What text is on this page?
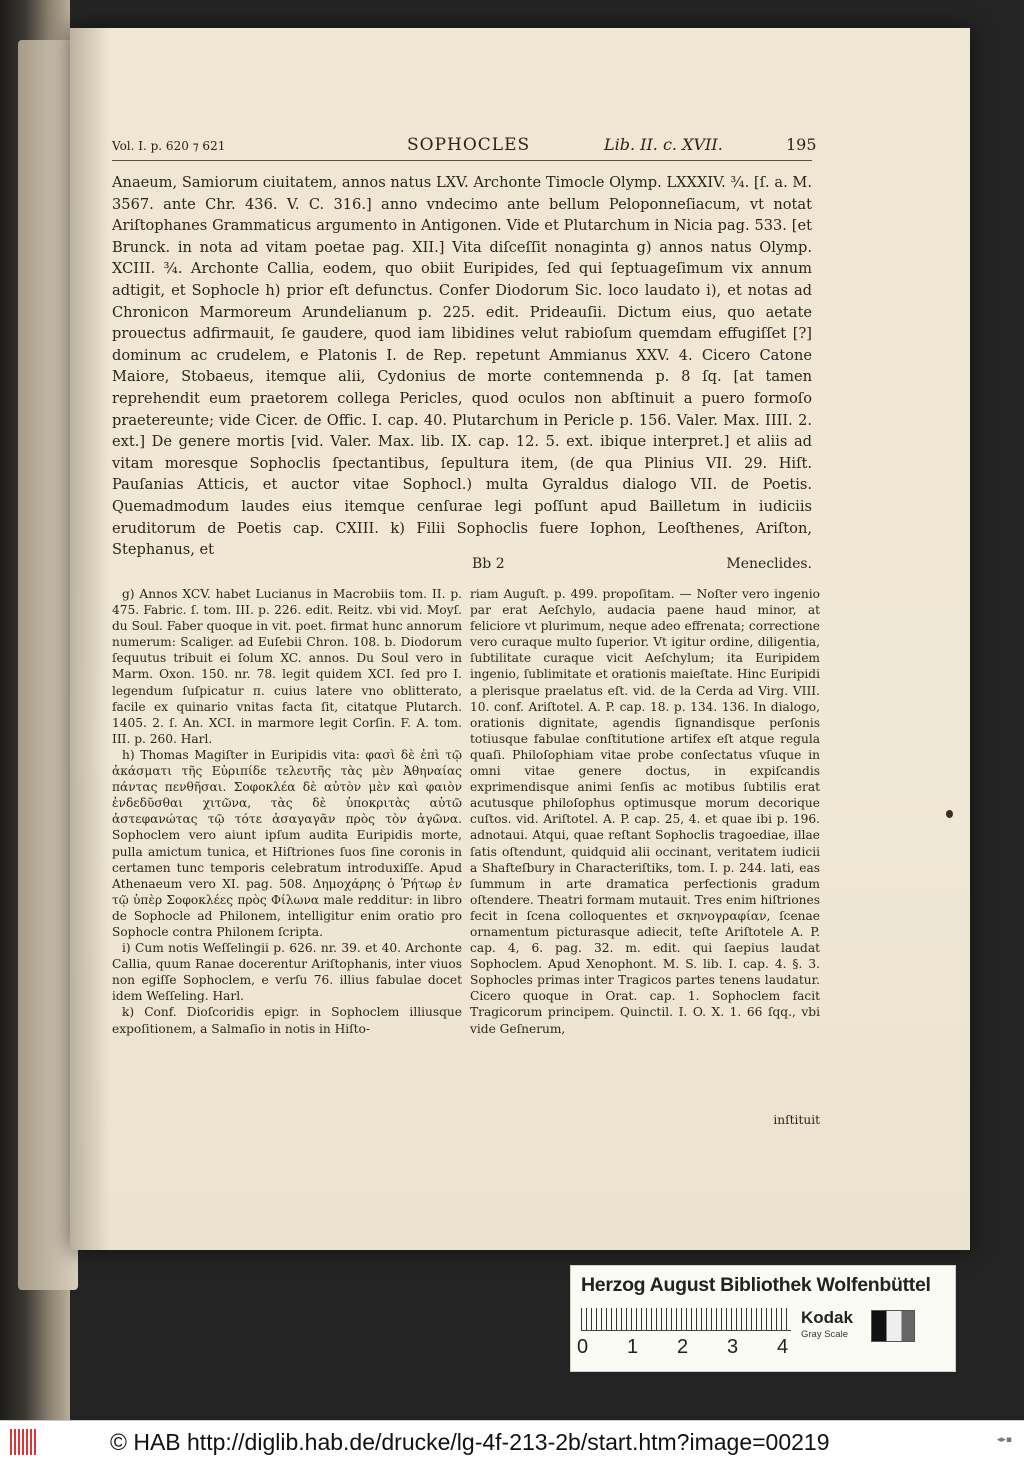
Vol. I. p. 620 ⁊ 621	SOPHOCLES	Lib. II. c. XVII.	195

Anaeum, Samiorum ciuitatem, annos natus LXV. Archonte Timocle Olymp. LXXXIV. ¾. [ſ. a. M. 3567. ante Chr. 436. V. C. 316.] anno vndecimo ante bellum Peloponneſiacum, vt notat Ariſtophanes Grammaticus argumento in Antigonen. Vide et Plutarchum in Nicia pag. 533. [et Brunck. in nota ad vitam poetae pag. XII.] Vita diſceſſit nonaginta g) annos natus Olymp. XCIII. ¾. Archonte Callia, eodem, quo obiit Euripides, ſed qui ſeptuageſimum vix annum adtigit, et Sophocle h) prior eſt defunctus. Confer Diodorum Sic. loco laudato i), et notas ad Chronicon Marmoreum Arundelianum p. 225. edit. Prideauſii. Dictum eius, quo aetate prouectus adfirmauit, ſe gaudere, quod iam libidines velut rabioſum quemdam effugiſſet [?] dominum ac crudelem, e Platonis I. de Rep. repetunt Ammianus XXV. 4. Cicero Catone Maiore, Stobaeus, itemque alii, Cydonius de morte contemnenda p. 8 ſq. [at tamen reprehendit eum praetorem collega Pericles, quod oculos non abſtinuit a puero formoſo praetereunte; vide Cicer. de Offic. I. cap. 40. Plutarchum in Pericle p. 156. Valer. Max. IIII. 2. ext.] De genere mortis [vid. Valer. Max. lib. IX. cap. 12. 5. ext. ibique interpret.] et aliis ad vitam moresque Sophoclis ſpectantibus, ſepultura item, (de qua Plinius VII. 29. Hiſt. Pauſanias Atticis, et auctor vitae Sophocl.) multa Gyraldus dialogo VII. de Poetis. Quemadmodum laudes eius itemque cenſurae legi poſſunt apud Bailletum in iudiciis eruditorum de Poetis cap. CXIII. k) Filii Sophoclis fuere Iophon, Leoſthenes, Ariſton, Stephanus, et

Bb 2	Meneclides.

g) Annos XCV. habet Lucianus in Macrobiis tom. II. p. 475. Fabric. ſ. tom. III. p. 226. edit. Reitz. vbi vid. Moyſ. du Soul. Faber quoque in vit. poet. firmat hunc annorum numerum: Scaliger. ad Euſebii Chron. 108. b. Diodorum ſequutus tribuit ei ſolum XC. annos. Du Soul vero in Marm. Oxon. 150. nr. 78. legit quidem XCI. ſed pro I. legendum ſuſpicatur π. cuius latere vno oblitterato, facile ex quinario vnitas facta ſit, citatque Plutarch. 1405. 2. ſ. An. XCI. in marmore legit Corſin. F. A. tom. III. p. 260. Harl.

h) Thomas Magiſter in Euripidis vita: φασὶ δὲ ἐπὶ τῷ ἀκάσματι τῆς Εὐριπίδε τελευτῆς τὰς μὲν Ἀθηναίας πάντας πενθῆσαι. Σοφοκλέα δὲ αὐτὸν μὲν καὶ φαιὸν ἐνδεδῦσθαι χιτῶνα, τὰς δὲ ὑποκριτὰς αὐτῶ ἀστεφανώτας τῷ τότε ἀσαγαγᾶν πρὸς τὸν ἀγῶνα. Sophoclem vero aiunt ipſum audita Euripidis morte, pulla amictum tunica, et Hiſtriones ſuos ſine coronis in certamen tunc temporis celebratum introduxiſſe. Apud Athenaeum vero XI. pag. 508. Δημοχάρης ὁ Ῥήτωρ ἐν τῷ ὑπὲρ Σοφοκλέες πρὸς Φίλωνα male redditur: in libro de Sophocle ad Philonem, intelligitur enim oratio pro Sophocle contra Philonem ſcripta.

i) Cum notis Weſſelingii p. 626. nr. 39. et 40. Archonte Callia, quum Ranae docerentur Ariſtophanis, inter viuos non egiſſe Sophoclem, e verſu 76. illius fabulae docet idem Weſſeling. Harl.

k) Conf. Dioſcoridis epigr. in Sophoclem illiusque expoſitionem, a Salmaſio in notis in Hiſto-

riam Auguſt. p. 499. propoſitam. — Noſter vero ingenio par erat Aeſchylo, audacia paene haud minor, at feliciore vt plurimum, neque adeo effrenata; correctione vero curaque multo ſuperior. Vt igitur ordine, diligentia, ſubtilitate curaque vicit Aeſchylum; ita Euripidem ingenio, ſublimitate et orationis maieſtate. Hinc Euripidi a plerisque praelatus eſt. vid. de la Cerda ad Virg. VIII. 10. conf. Ariſtotel. A. P. cap. 18. p. 134. 136. In dialogo, orationis dignitate, agendis ſignandisque perſonis totiusque fabulae conſtitutione artifex eſt atque regula quaſi. Philoſophiam vitae probe conſectatus vſuque in omni vitae genere doctus, in expiſcandis exprimendisque animi ſenſis ac motibus ſubtilis erat acutusque philoſophus optimusque morum decorique cuſtos. vid. Ariſtotel. A. P. cap. 25, 4. et quae ibi p. 196. adnotaui. Atqui, quae reſtant Sophoclis tragoediae, illae ſatis oſtendunt, quidquid alii occinant, veritatem iudicii a Shafteſbury in Characteriſtiks, tom. I. p. 244. lati, eas ſummum in arte dramatica perfectionis gradum oſtendere. Theatri formam mutauit. Tres enim hiſtriones fecit in ſcena colloquentes et σκηνογραφίαν, ſcenae ornamentum picturasque adiecit, teſte Ariſtotele A. P. cap. 4, 6. pag. 32. m. edit. qui ſaepius laudat Sophoclem. Apud Xenophont. M. S. lib. I. cap. 4. §. 3. Sophocles primas inter Tragicos partes tenens laudatur. Cicero quoque in Orat. cap. 1. Sophoclem facit Tragicorum principem. Quinctil. I. O. X. 1. 66 ſqq., vbi vide Geſnerum,

inſtituit
Herzog August Bibliothek Wolfenbüttel
0 1 2 3 4
Kodak
Gray Scale
© HAB http://diglib.hab.de/drucke/lg-4f-213-2b/start.htm?image=00219	◂▸▪
